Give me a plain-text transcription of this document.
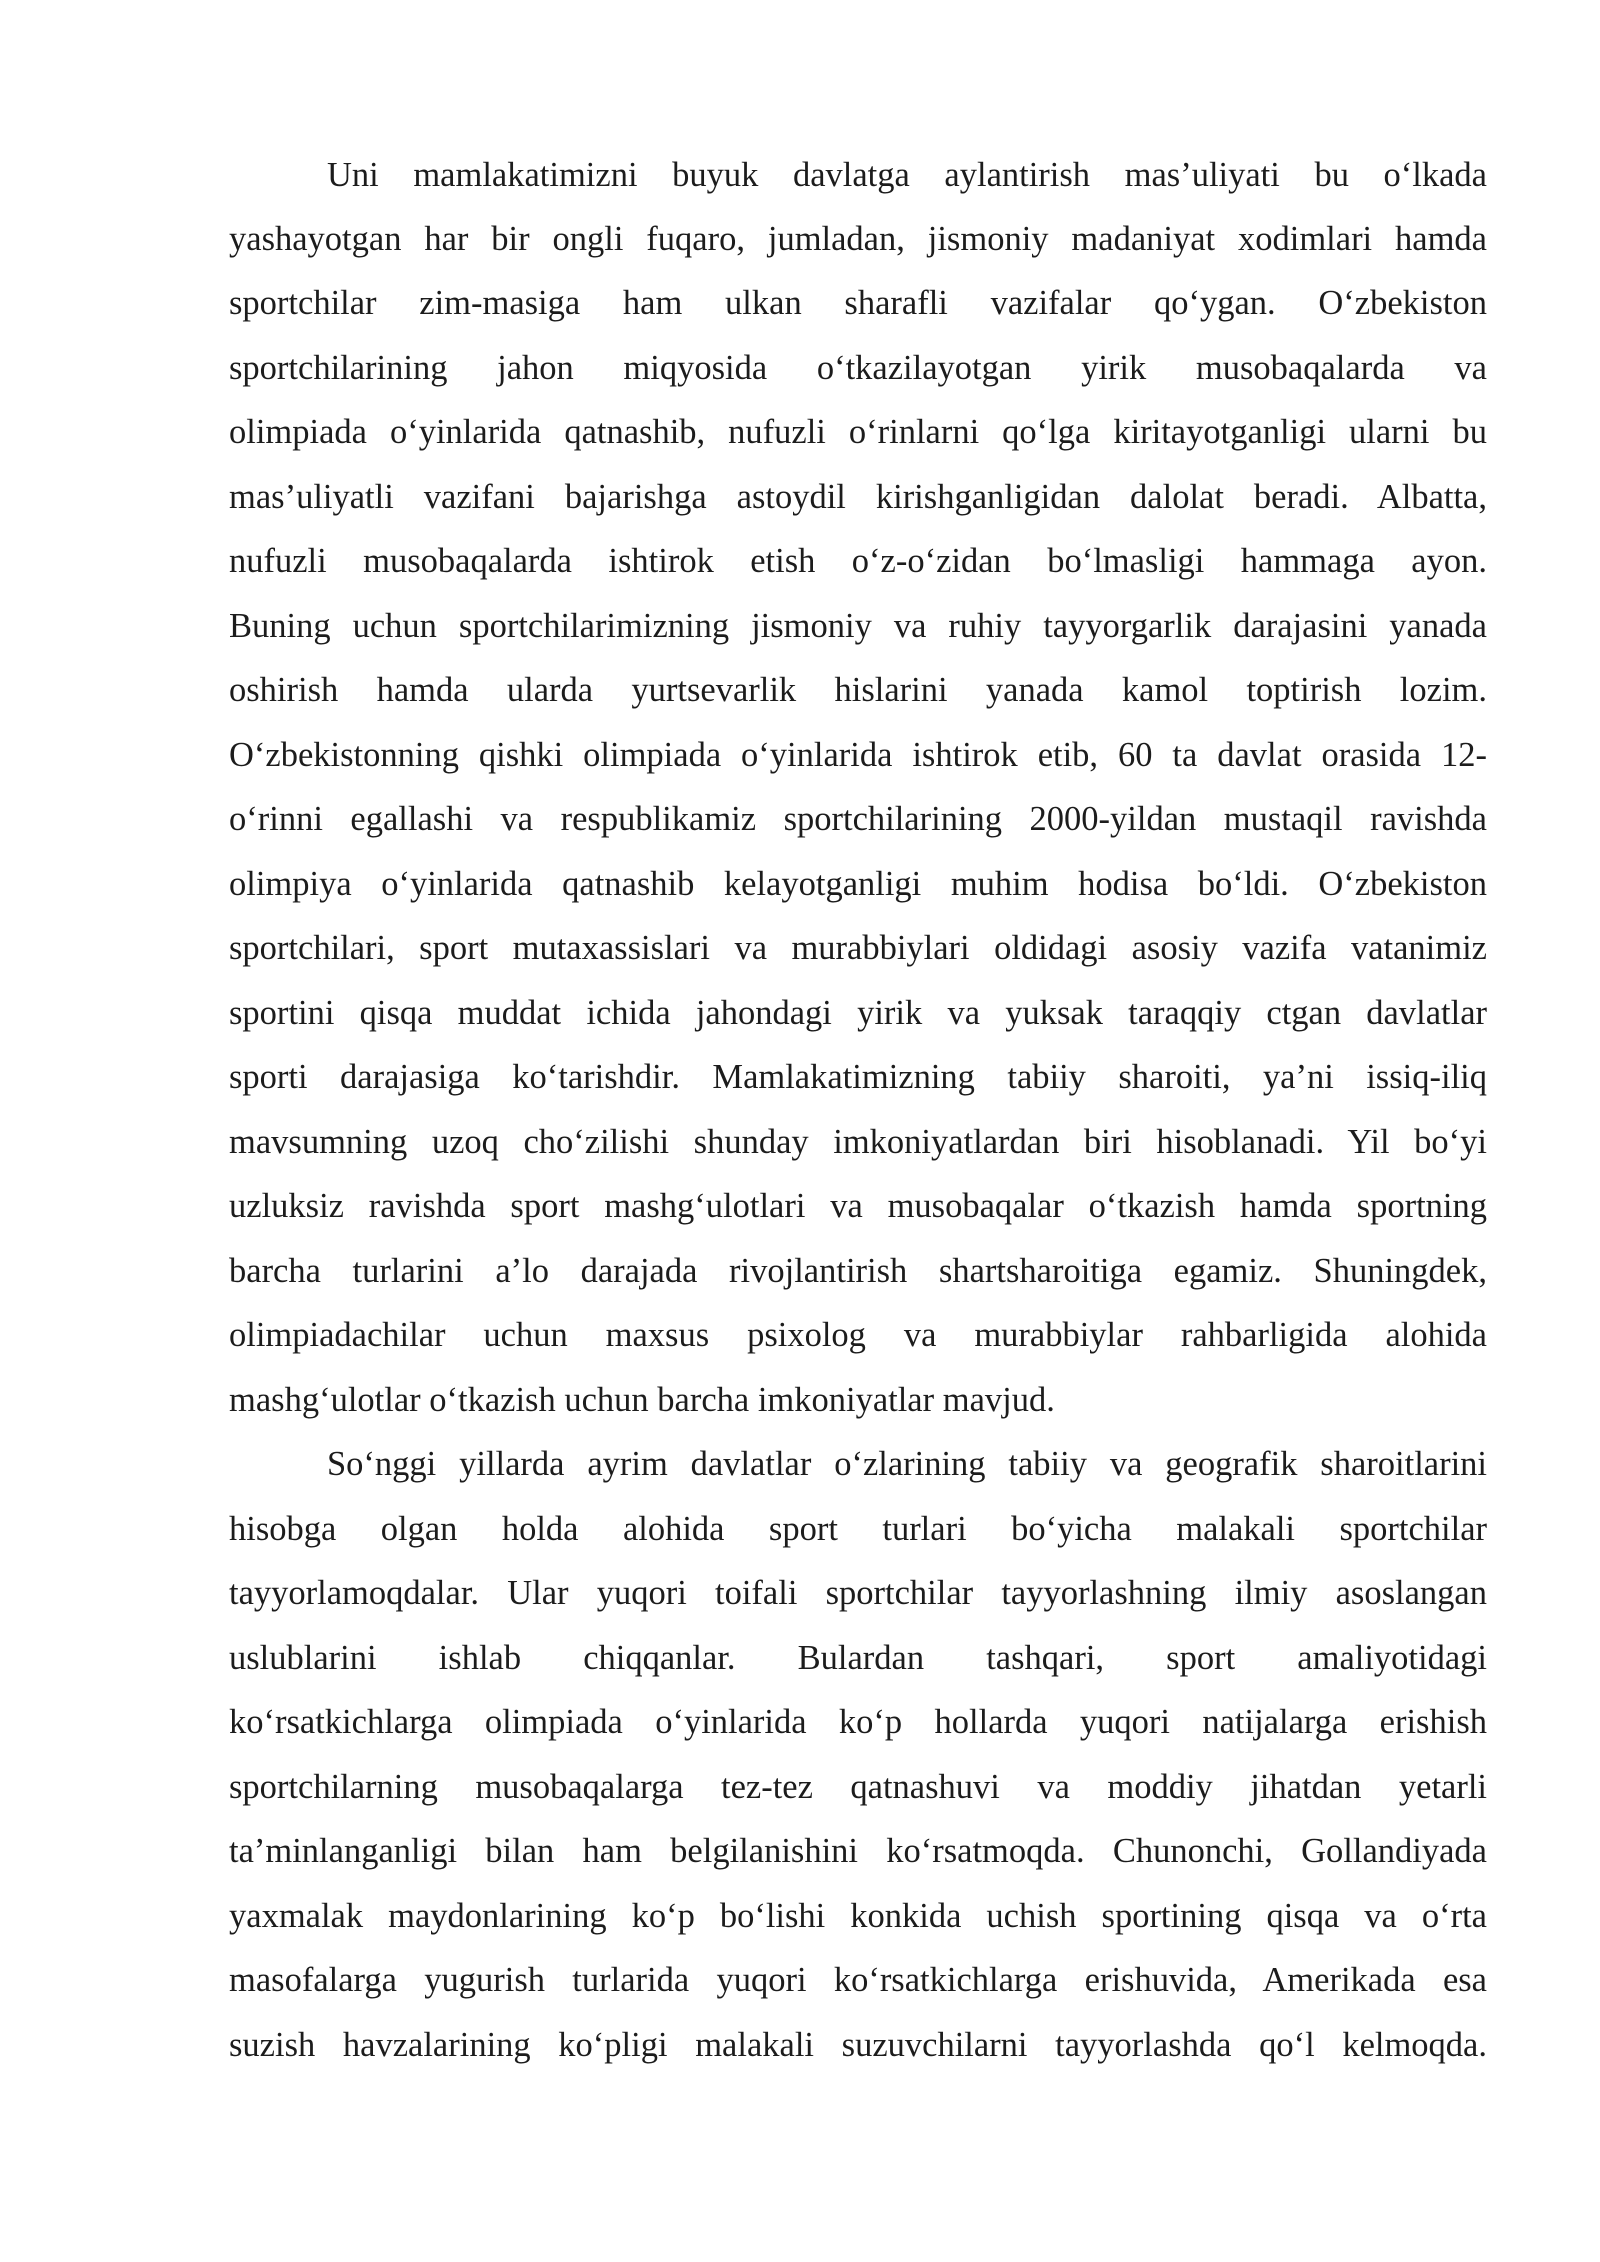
Uni mamlakatimizni buyuk davlatga aylantirish mas’uliyati bu o‘lkada
yashayotgan har bir ongli fuqaro, jumladan, jismoniy madaniyat xodimlari hamda
sportchilar zim-masiga ham ulkan sharafli vazifalar qo‘ygan. O‘zbekiston
sportchilarining jahon miqyosida o‘tkazilayotgan yirik musobaqalarda va
olimpiada o‘yinlarida qatnashib, nufuzli o‘rinlarni qo‘lga kiritayotganligi ularni bu
mas’uliyatli vazifani bajarishga astoydil kirishganligidan dalolat beradi. Albatta,
nufuzli musobaqalarda ishtirok etish o‘z-o‘zidan bo‘lmasligi hammaga ayon.
Buning uchun sportchilarimizning jismoniy va ruhiy tayyorgarlik darajasini yanada
oshirish hamda ularda yurtsevarlik hislarini yanada kamol toptirish lozim.
O‘zbekistonning qishki olimpiada o‘yinlarida ishtirok etib, 60 ta davlat orasida 12-
o‘rinni egallashi va respublikamiz sportchilarining 2000-yildan mustaqil ravishda
olimpiya o‘yinlarida qatnashib kelayotganligi muhim hodisa bo‘ldi. O‘zbekiston
sportchilari, sport mutaxassislari va murabbiylari oldidagi asosiy vazifa vatanimiz
sportini qisqa muddat ichida jahondagi yirik va yuksak taraqqiy ctgan davlatlar
sporti darajasiga ko‘tarishdir. Mamlakatimizning tabiiy sharoiti, ya’ni issiq-iliq
mavsumning uzoq cho‘zilishi shunday imkoniyatlardan biri hisoblanadi. Yil bo‘yi
uzluksiz ravishda sport mashg‘ulotlari va musobaqalar o‘tkazish hamda sportning
barcha turlarini a’lo darajada rivojlantirish shartsharoitiga egamiz. Shuningdek,
olimpiadachilar uchun maxsus psixolog va murabbiylar rahbarligida alohida
mashg‘ulotlar o‘tkazish uchun barcha imkoniyatlar mavjud.
So‘nggi yillarda ayrim davlatlar o‘zlarining tabiiy va geografik sharoitlarini
hisobga olgan holda alohida sport turlari bo‘yicha malakali sportchilar
tayyorlamoqdalar. Ular yuqori toifali sportchilar tayyorlashning ilmiy asoslangan
uslublarini ishlab chiqqanlar. Bulardan tashqari, sport amaliyotidagi
ko‘rsatkichlarga olimpiada o‘yinlarida ko‘p hollarda yuqori natijalarga erishish
sportchilarning musobaqalarga tez-tez qatnashuvi va moddiy jihatdan yetarli
ta’minlanganligi bilan ham belgilanishini ko‘rsatmoqda. Chunonchi, Gollandiyada
yaxmalak maydonlarining ko‘p bo‘lishi konkida uchish sportining qisqa va o‘rta
masofalarga yugurish turlarida yuqori ko‘rsatkichlarga erishuvida, Amerikada esa
suzish havzalarining ko‘pligi malakali suzuvchilarni tayyorlashda qo‘l kelmoqda.
